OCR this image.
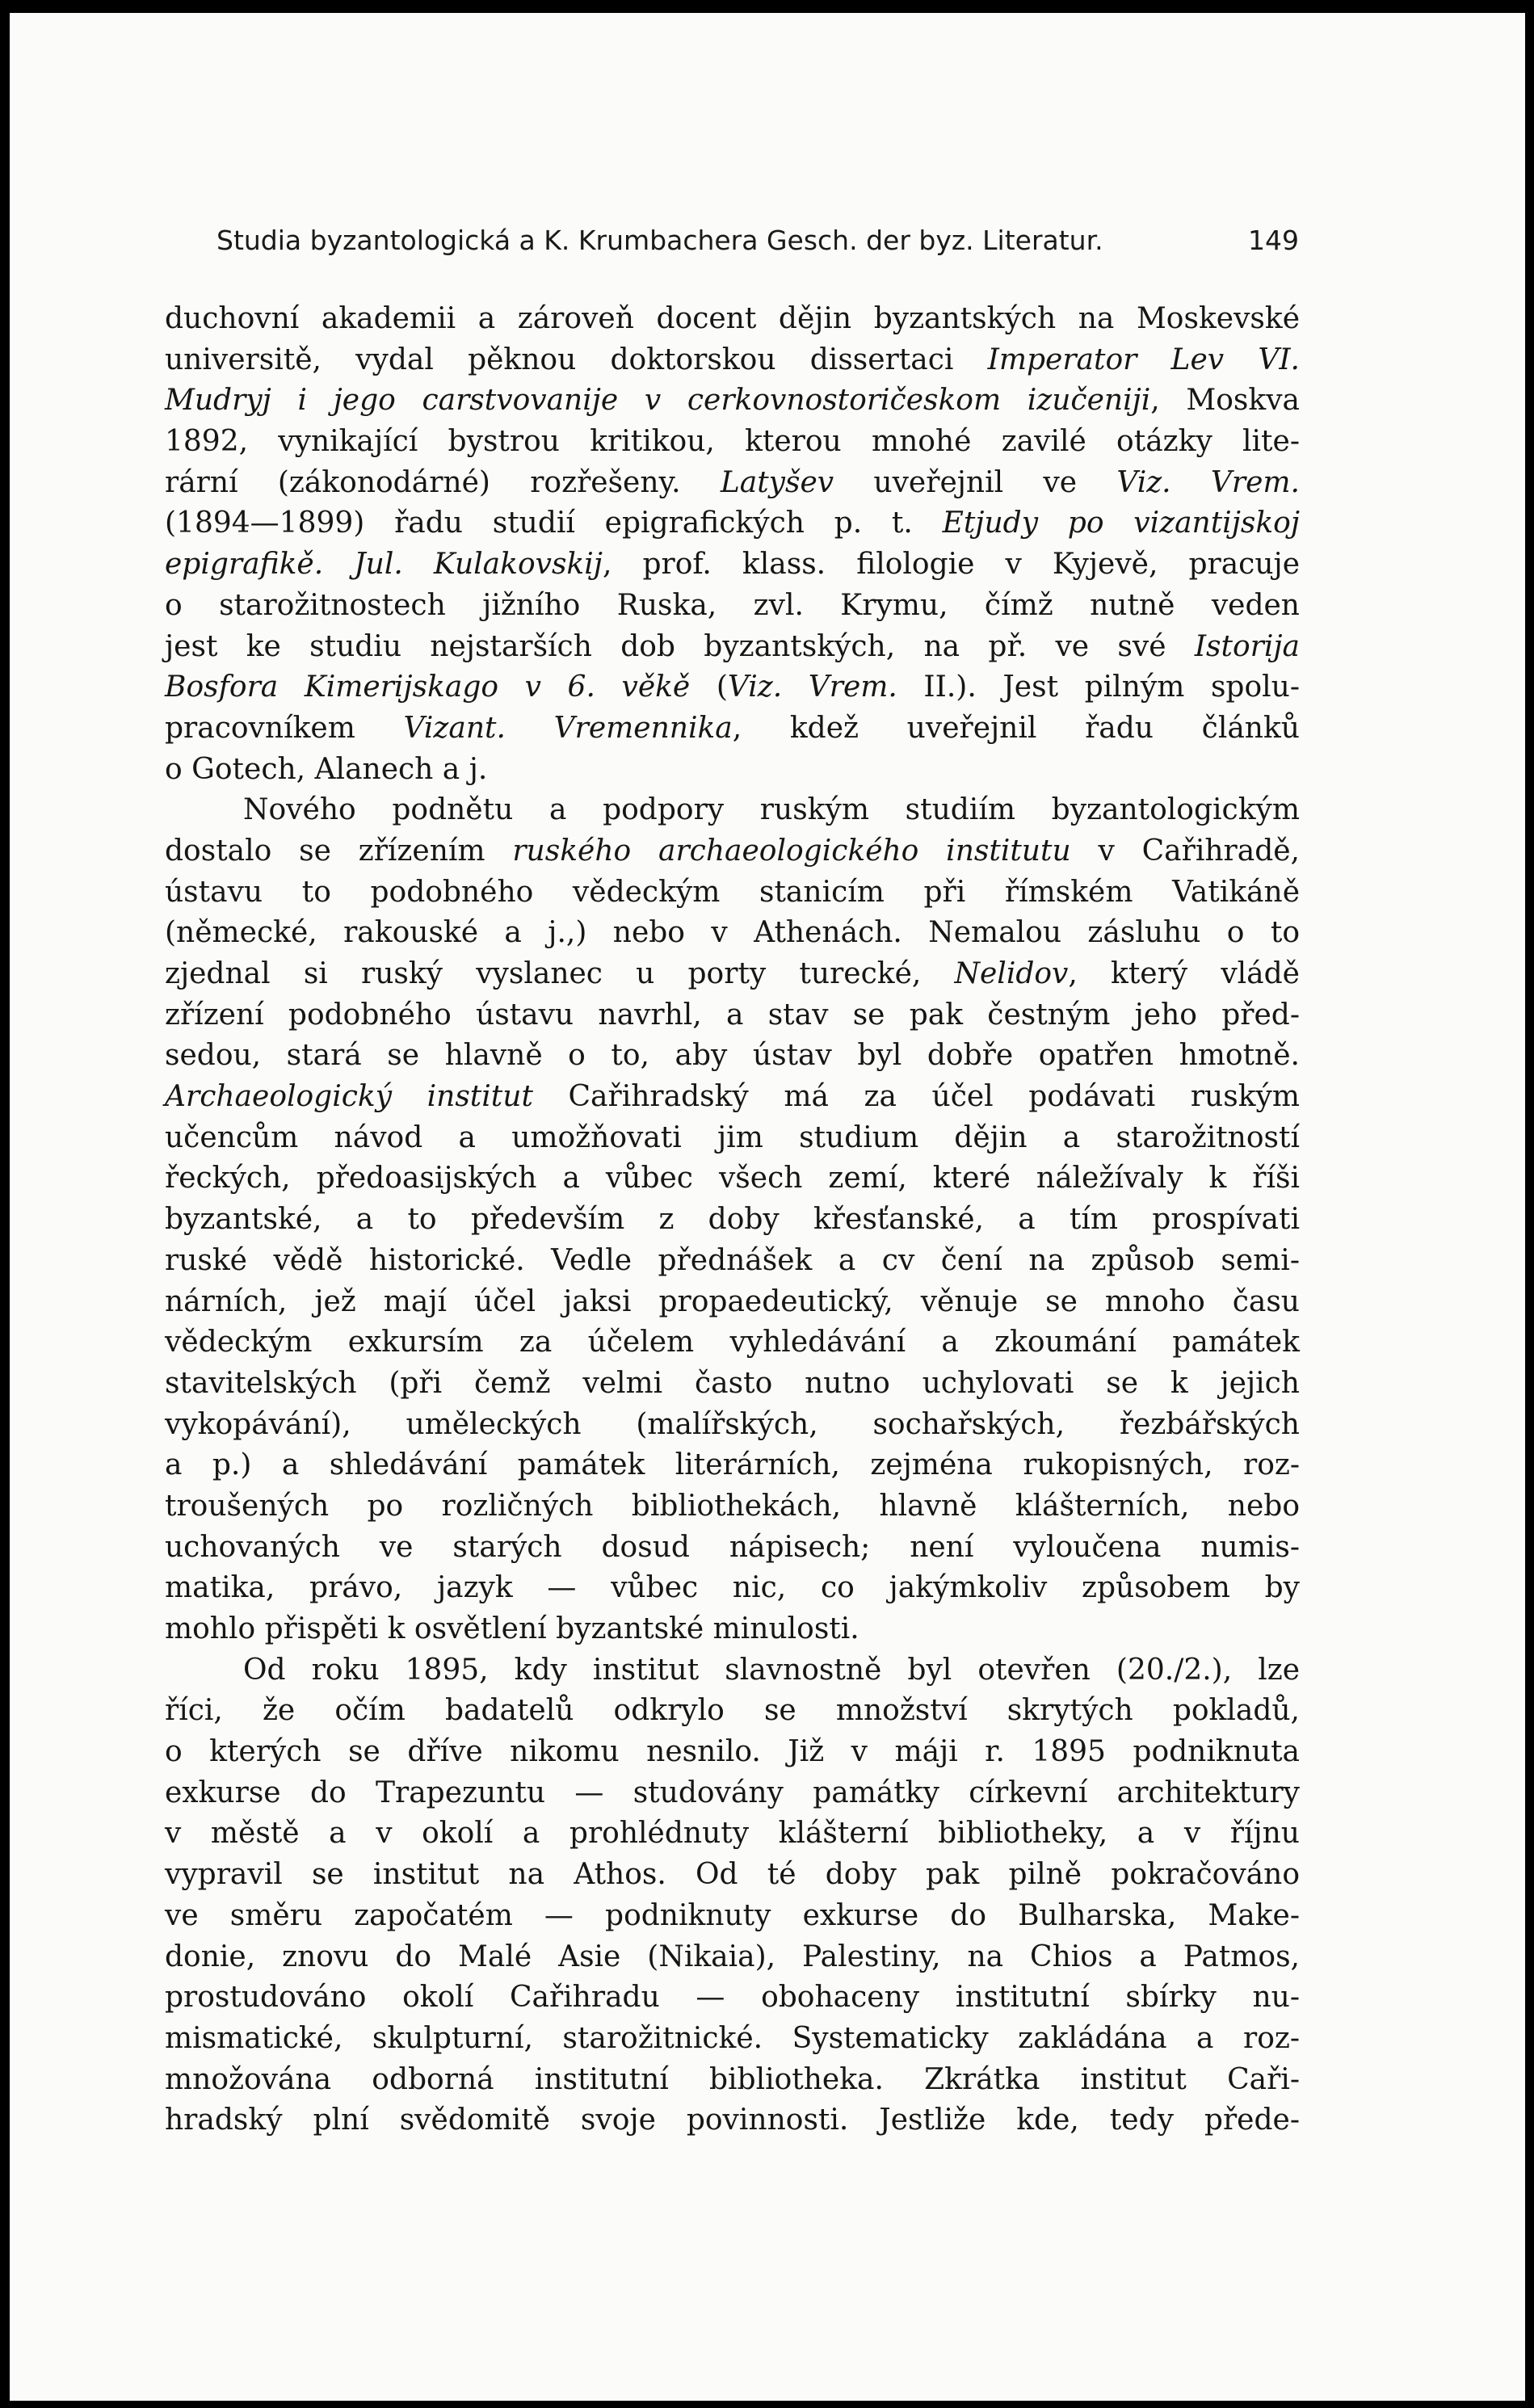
Studia byzantologická a K. Krumbachera Gesch. der byz. Literatur.	149
duchovní akademii a zároveň docent dějin byzantských na Moskevské
universitě, vydal pěknou doktorskou dissertaci Imperator Lev VI.
Mudryj i jego carstvovanije v cerkovnostoričeskom izučeniji, Moskva
1892, vynikající bystrou kritikou, kterou mnohé zavilé otázky lite-
rární (zákonodárné) rozřešeny. Latyšev uveřejnil ve Viz. Vrem.
(1894—1899) řadu studií epigrafických p. t. Etjudy po vizantijskoj
epigrafikě. Jul. Kulakovskij, prof. klass. filologie v Kyjevě, pracuje
o starožitnostech jižního Ruska, zvl. Krymu, čímž nutně veden
jest ke studiu nejstarších dob byzantských, na př. ve své Istorija
Bosfora Kimerijskago v 6. věkě (Viz. Vrem. II.). Jest pilným spolu-
pracovníkem Vizant. Vremennika, kdež uveřejnil řadu článků
o Gotech, Alanech a j.
Nového podnětu a podpory ruským studiím byzantologickým
dostalo se zřízením ruského archaeologického institutu v Cařihradě,
ústavu to podobného vědeckým stanicím při římském Vatikáně
(německé, rakouské a j.,) nebo v Athenách. Nemalou zásluhu o to
zjednal si ruský vyslanec u porty turecké, Nelidov, který vládě
zřízení podobného ústavu navrhl, a stav se pak čestným jeho před-
sedou, stará se hlavně o to, aby ústav byl dobře opatřen hmotně.
Archaeologický institut Cařihradský má za účel podávati ruským
učencům návod a umožňovati jim studium dějin a starožitností
řeckých, předoasijských a vůbec všech zemí, které náležívaly k říši
byzantské, a to především z doby křesťanské, a tím prospívati
ruské vědě historické. Vedle přednášek a cv čení na způsob semi-
nárních, jež mají účel jaksi propaedeutický, věnuje se mnoho času
vědeckým exkursím za účelem vyhledávání a zkoumání památek
stavitelských (při čemž velmi často nutno uchylovati se k jejich
vykopávání), uměleckých (malířských, sochařských, řezbářských
a p.) a shledávání památek literárních, zejména rukopisných, roz-
troušených po rozličných bibliothekách, hlavně klášterních, nebo
uchovaných ve starých dosud nápisech; není vyloučena numis-
matika, právo, jazyk — vůbec nic, co jakýmkoliv způsobem by
mohlo přispěti k osvětlení byzantské minulosti.
Od roku 1895, kdy institut slavnostně byl otevřen (20./2.), lze
říci, že očím badatelů odkrylo se množství skrytých pokladů,
o kterých se dříve nikomu nesnilo. Již v máji r. 1895 podniknuta
exkurse do Trapezuntu — studovány památky církevní architektury
v městě a v okolí a prohlédnuty klášterní bibliotheky, a v říjnu
vypravil se institut na Athos. Od té doby pak pilně pokračováno
ve směru započatém — podniknuty exkurse do Bulharska, Make-
donie, znovu do Malé Asie (Nikaia), Palestiny, na Chios a Patmos,
prostudováno okolí Cařihradu — obohaceny institutní sbírky nu-
mismatické, skulpturní, starožitnické. Systematicky zakládána a roz-
množována odborná institutní bibliotheka. Zkrátka institut Caři-
hradský plní svědomitě svoje povinnosti. Jestliže kde, tedy přede-
